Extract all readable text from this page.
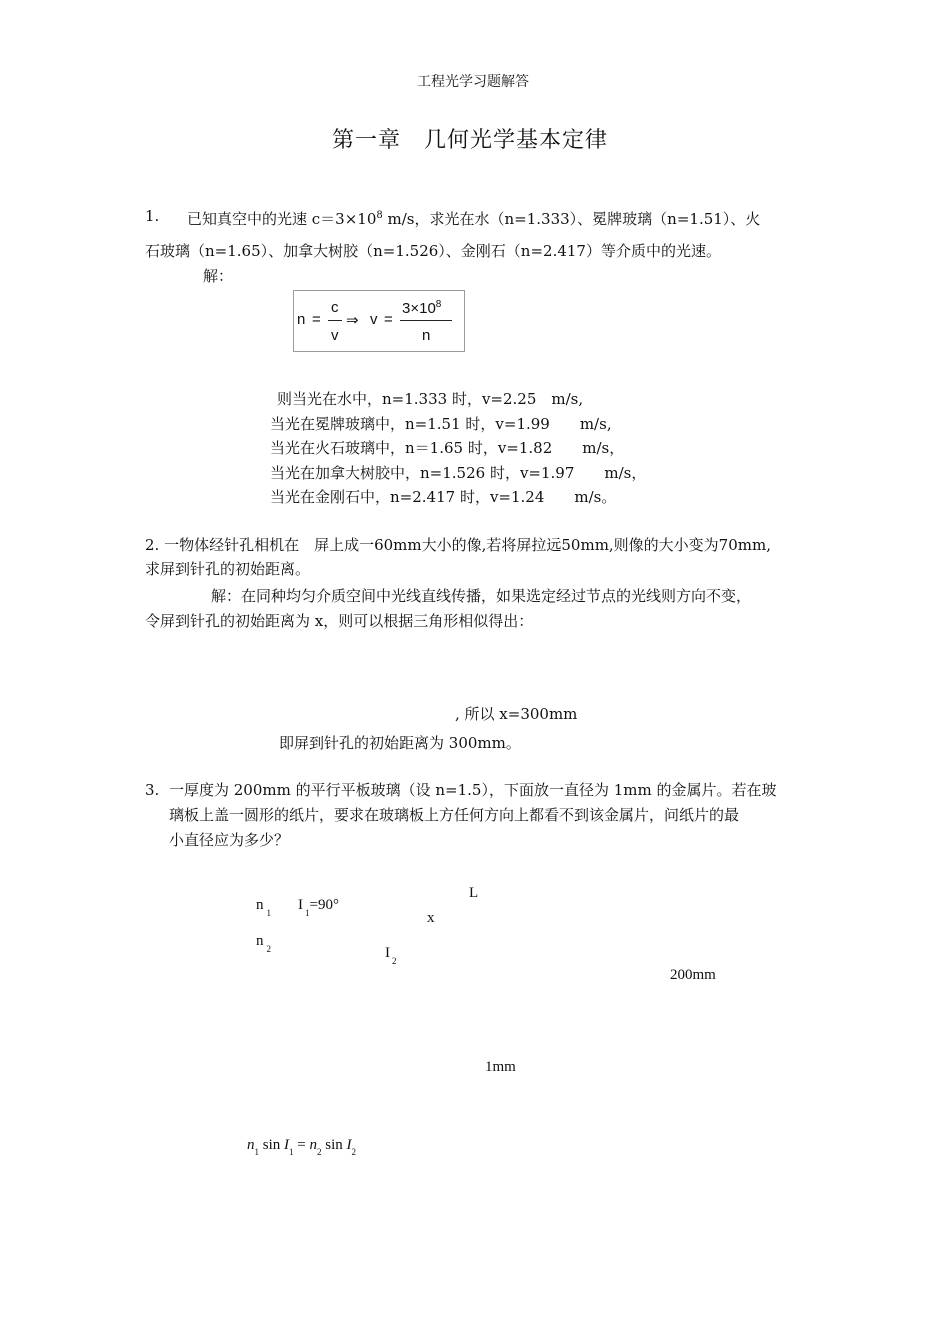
工程光学习题解答
第一章　几何光学基本定律
1. 已知真空中的光速 $c=3\times 10^8$ m/s，求光在水（n=1.333）、冕牌玻璃（n=1.51）、火
石玻璃（n=1.65）、加拿大树胶（n=1.526）、金刚石（n=2.417）等介质中的光速。
解：
n =
c
v
⇒ v =
$3\times 10^8$
n
则当光在水中，n=1.333 时，v=2.25　m/s,
当光在冕牌玻璃中，n=1.51 时，v=1.99　　m/s,
当光在火石玻璃中，n＝1.65 时，v=1.82　　m/s，
当光在加拿大树胶中，n=1.526 时，v=1.97　　m/s，
当光在金刚石中，n=2.417 时，v=1.24　　m/s。
2. 一物体经针孔相机在　屏上成一60mm大小的像,若将屏拉远50mm,则像的大小变为70mm,
求屏到针孔的初始距离。
解：在同种均匀介质空间中光线直线传播，如果选定经过节点的光线则方向不变，
令屏到针孔的初始距离为 x，则可以根据三角形相似得出：
, 所以 x=300mm
即屏到针孔的初始距离为 300mm。
3. 一厚度为 200mm 的平行平板玻璃（设 n=1.5），下面放一直径为 1mm 的金属片。若在玻
璃板上盖一圆形的纸片，要求在玻璃板上方任何方向上都看不到该金属片，问纸片的最
小直径应为多少？
L
n $_1$ I $_1$=90°
x
n $_2$	I $_2$
200mm
1mm
$n_1$ $\sin I_1 = n_2$ $\sin I_2$
